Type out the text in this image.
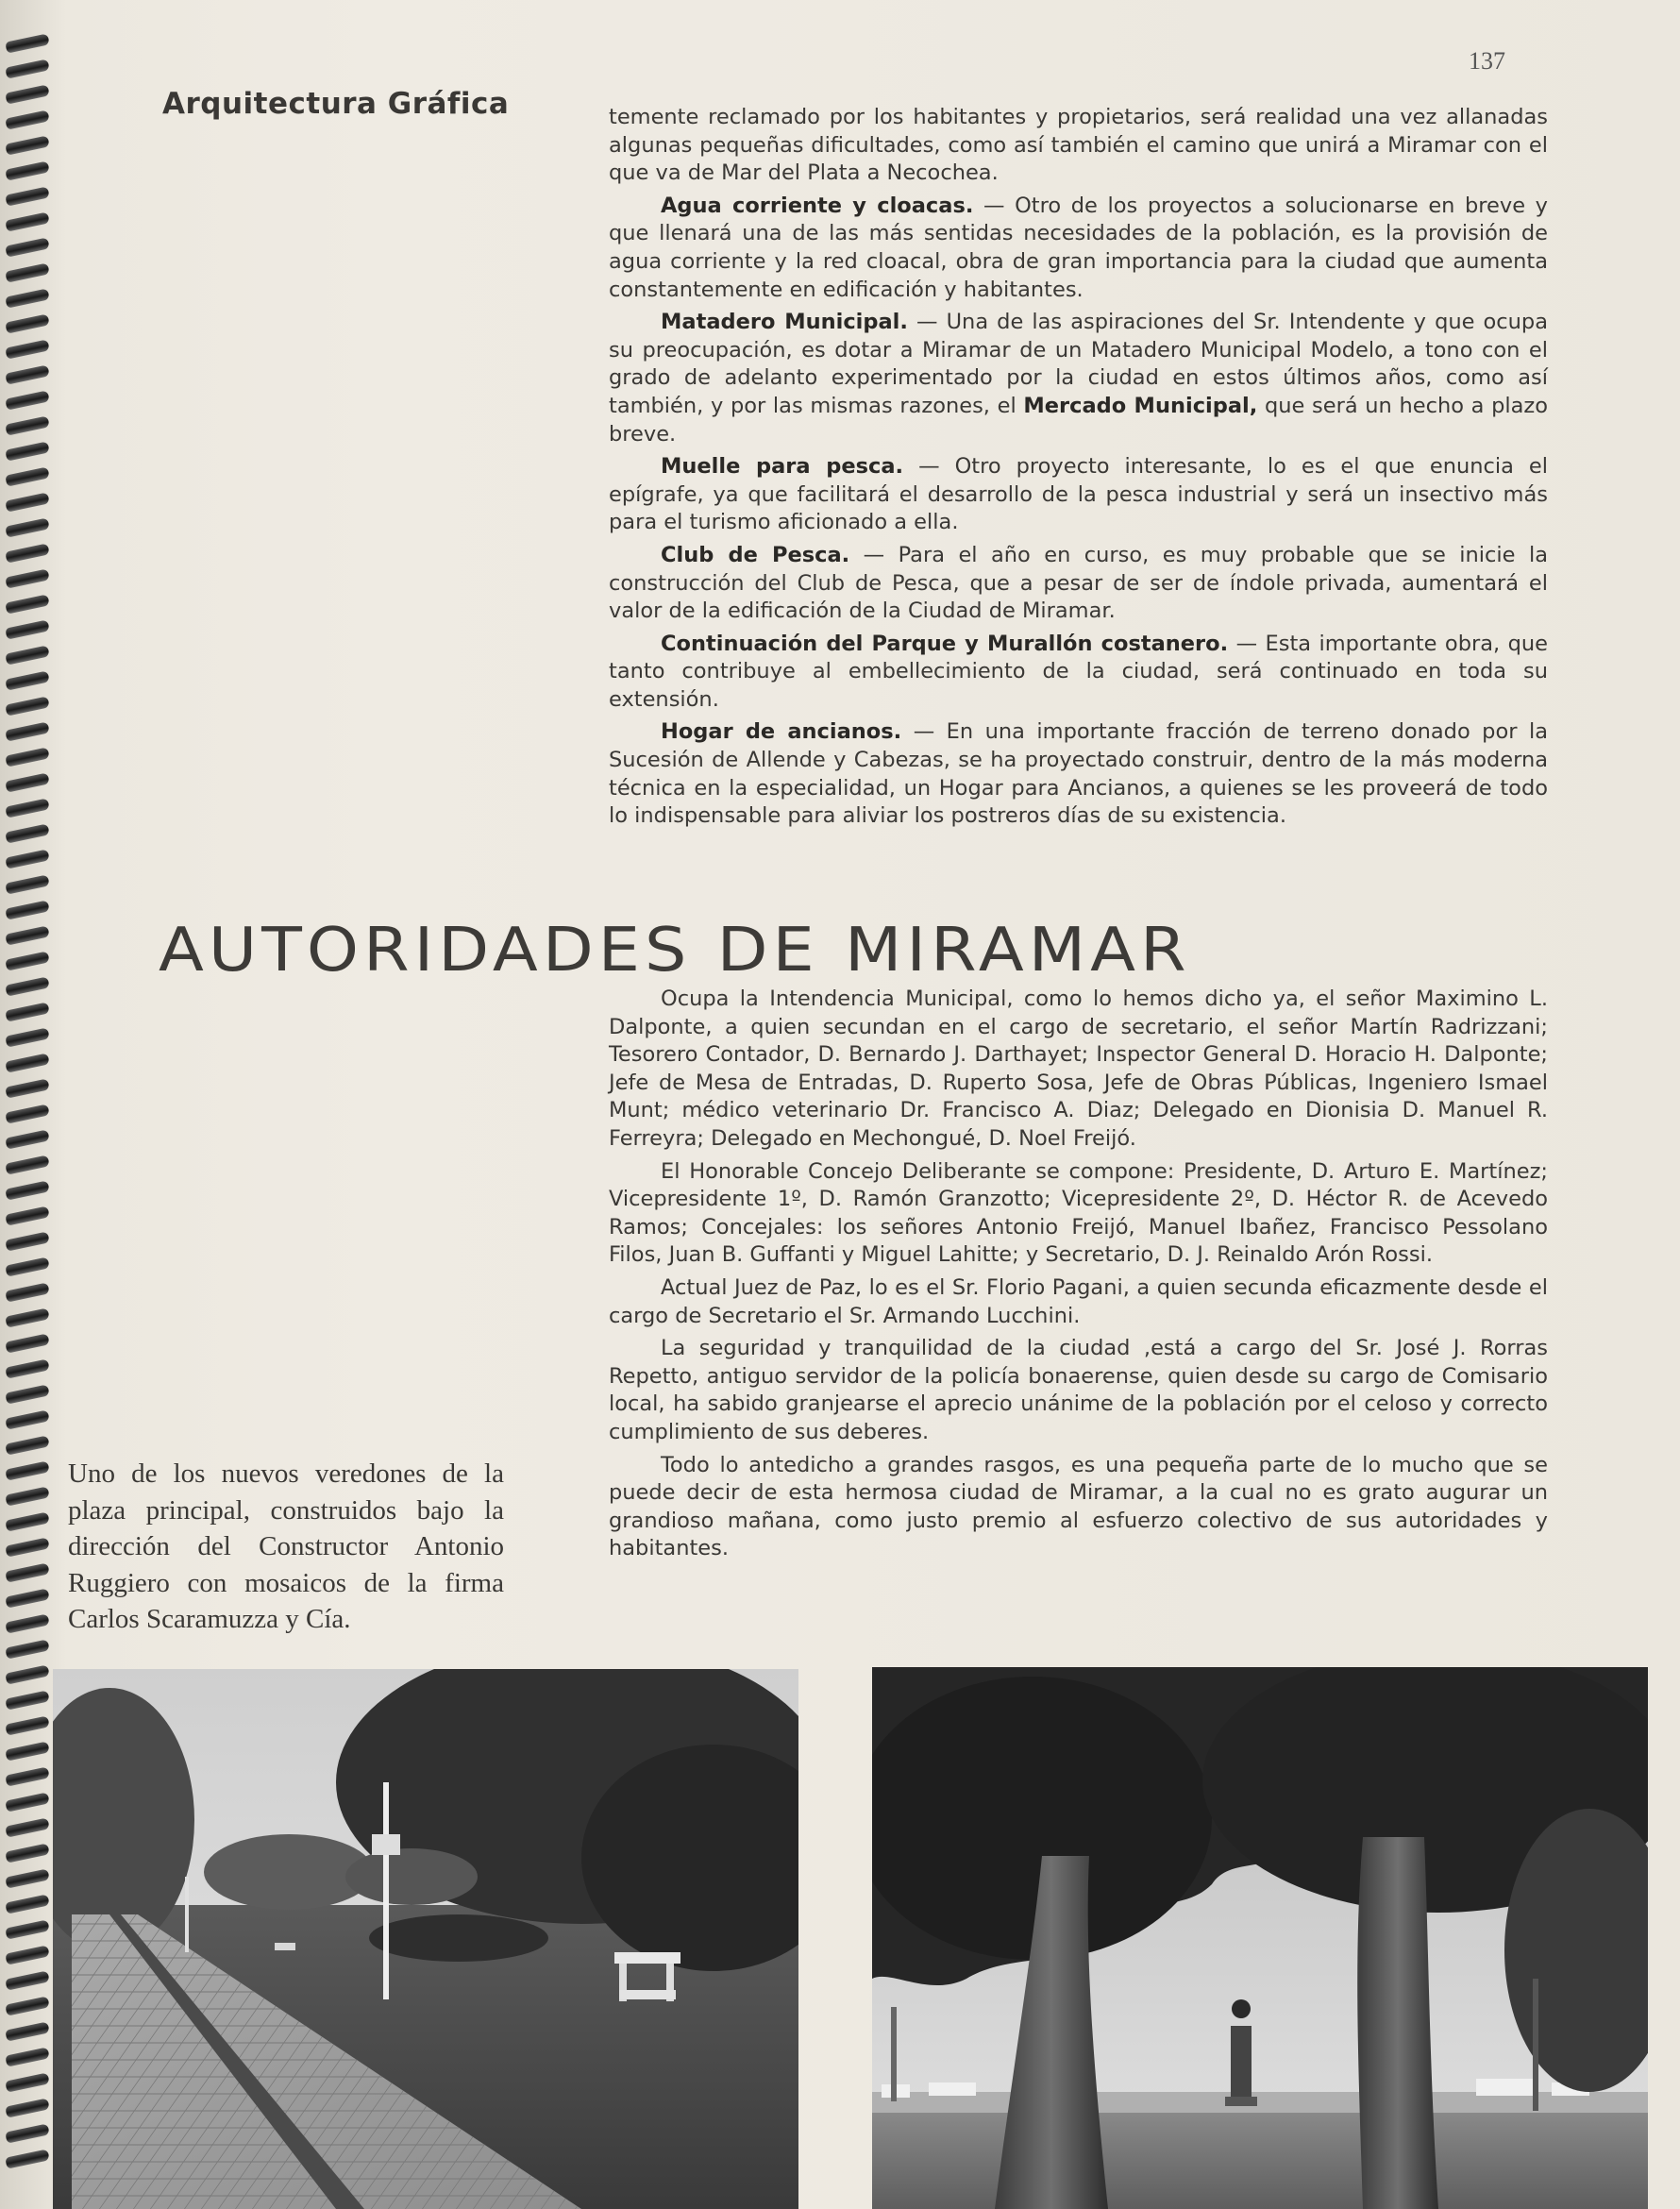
Arquitectura Gráfica
137

temente reclamado por los habitantes y propietarios, será realidad una vez allanadas algunas pequeñas dificultades, como así también el camino que unirá a Miramar con el que va de Mar del Plata a Necochea.

Agua corriente y cloacas. — Otro de los proyectos a solucionarse en breve y que llenará una de las más sentidas necesidades de la población, es la provisión de agua corriente y la red cloacal, obra de gran importancia para la ciudad que aumenta constantemente en edificación y habitantes.

Matadero Municipal. — Una de las aspiraciones del Sr. Intendente y que ocupa su preocupación, es dotar a Miramar de un Matadero Municipal Modelo, a tono con el grado de adelanto experimentado por la ciudad en estos últimos años, como así también, y por las mismas razones, el Mercado Municipal, que será un hecho a plazo breve.

Muelle para pesca. — Otro proyecto interesante, lo es el que enuncia el epígrafe, ya que facilitará el desarrollo de la pesca industrial y será un insectivo más para el turismo aficionado a ella.

Club de Pesca. — Para el año en curso, es muy probable que se inicie la construcción del Club de Pesca, que a pesar de ser de índole privada, aumentará el valor de la edificación de la Ciudad de Miramar.

Continuación del Parque y Murallón costanero. — Esta importante obra, que tanto contribuye al embellecimiento de la ciudad, será continuado en toda su extensión.

Hogar de ancianos. — En una importante fracción de terreno donado por la Sucesión de Allende y Cabezas, se ha proyectado construir, dentro de la más moderna técnica en la especialidad, un Hogar para Ancianos, a quienes se les proveerá de todo lo indispensable para aliviar los postreros días de su existencia.

AUTORIDADES DE MIRAMAR

Ocupa la Intendencia Municipal, como lo hemos dicho ya, el señor Maximino L. Dalponte, a quien secundan en el cargo de secretario, el señor Martín Radrizzani; Tesorero Contador, D. Bernardo J. Darthayet; Inspector General D. Horacio H. Dalponte; Jefe de Mesa de Entradas, D. Ruperto Sosa, Jefe de Obras Públicas, Ingeniero Ismael Munt; médico veterinario Dr. Francisco A. Diaz; Delegado en Dionisia D. Manuel R. Ferreyra; Delegado en Mechongué, D. Noel Freijó.

El Honorable Concejo Deliberante se compone: Presidente, D. Arturo E. Martínez; Vicepresidente 1º, D. Ramón Granzotto; Vicepresidente 2º, D. Héctor R. de Acevedo Ramos; Concejales: los señores Antonio Freijó, Manuel Ibañez, Francisco Pessolano Filos, Juan B. Guffanti y Miguel Lahitte; y Secretario, D. J. Reinaldo Arón Rossi.

Actual Juez de Paz, lo es el Sr. Florio Pagani, a quien secunda eficazmente desde el cargo de Secretario el Sr. Armando Lucchini.

La seguridad y tranquilidad de la ciudad ,está a cargo del Sr. José J. Rorras Repetto, antiguo servidor de la policía bonaerense, quien desde su cargo de Comisario local, ha sabido granjearse el aprecio unánime de la población por el celoso y correcto cumplimiento de sus deberes.

Todo lo antedicho a grandes rasgos, es una pequeña parte de lo mucho que se puede decir de esta hermosa ciudad de Miramar, a la cual no es grato augurar un grandioso mañana, como justo premio al esfuerzo colectivo de sus autoridades y habitantes.

Uno de los nuevos veredones de la plaza principal, construidos bajo la dirección del Constructor Antonio Ruggiero con mosaicos de la firma Carlos Scaramuzza y Cía.
